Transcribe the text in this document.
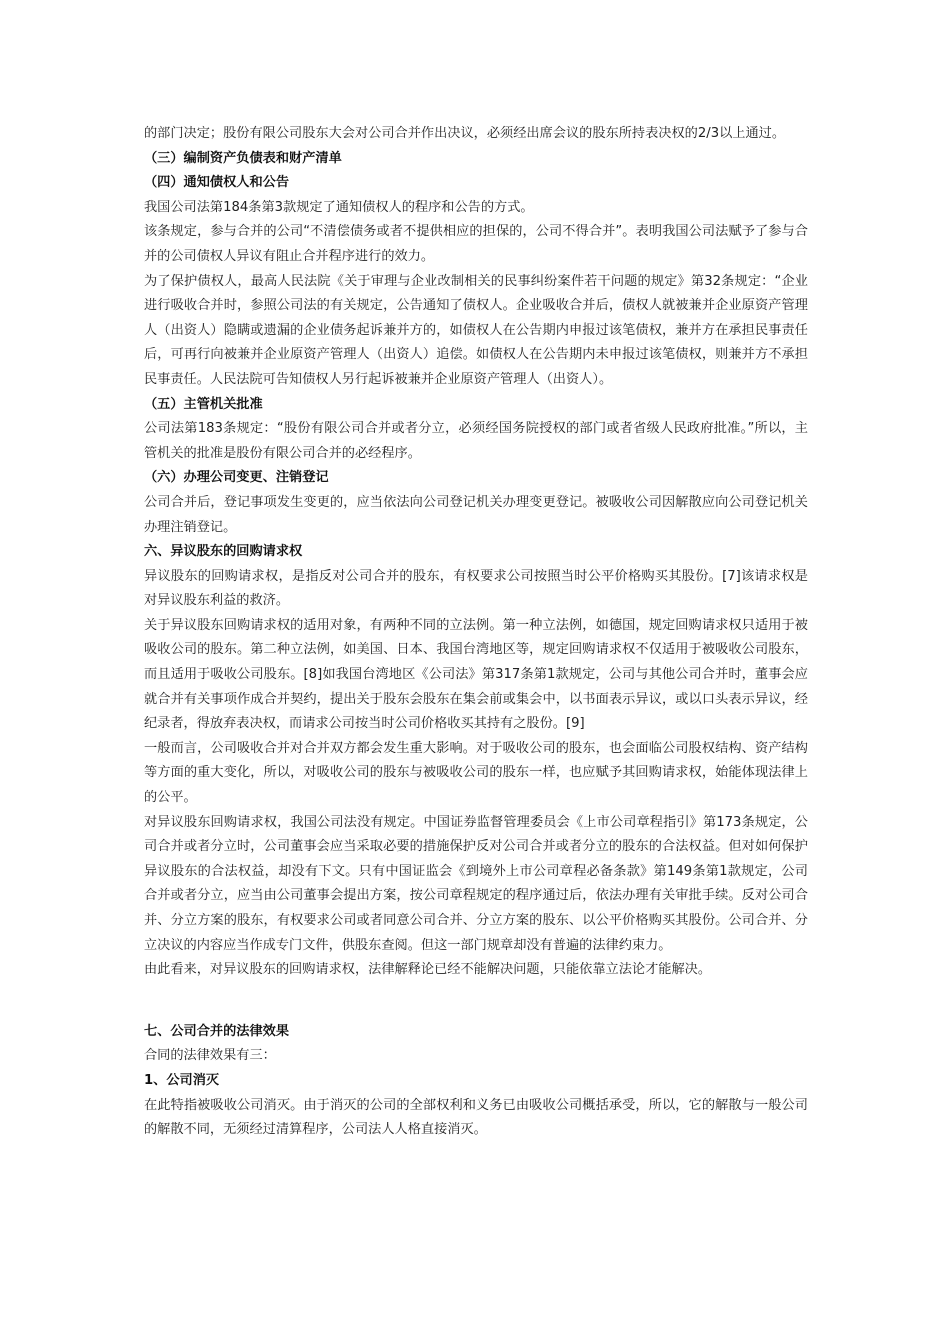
的部门决定；股份有限公司股东大会对公司合并作出决议，必须经出席会议的股东所持表决权的2/3以上通过。

（三）编制资产负债表和财产清单

（四）通知债权人和公告

我国公司法第184条第3款规定了通知债权人的程序和公告的方式。

该条规定，参与合并的公司“不清偿债务或者不提供相应的担保的，公司不得合并”。表明我国公司法赋予了参与合并的公司债权人异议有阻止合并程序进行的效力。

为了保护债权人，最高人民法院《关于审理与企业改制相关的民事纠纷案件若干问题的规定》第32条规定：“企业进行吸收合并时，参照公司法的有关规定，公告通知了债权人。企业吸收合并后，债权人就被兼并企业原资产管理人（出资人）隐瞒或遗漏的企业债务起诉兼并方的，如债权人在公告期内申报过该笔债权，兼并方在承担民事责任后，可再行向被兼并企业原资产管理人（出资人）追偿。如债权人在公告期内未申报过该笔债权，则兼并方不承担民事责任。人民法院可告知债权人另行起诉被兼并企业原资产管理人（出资人）。

（五）主管机关批准

公司法第183条规定：“股份有限公司合并或者分立，必须经国务院授权的部门或者省级人民政府批准。”所以，主管机关的批准是股份有限公司合并的必经程序。

（六）办理公司变更、注销登记

公司合并后，登记事项发生变更的，应当依法向公司登记机关办理变更登记。被吸收公司因解散应向公司登记机关办理注销登记。

六、异议股东的回购请求权

异议股东的回购请求权，是指反对公司合并的股东，有权要求公司按照当时公平价格购买其股份。[7]该请求权是对异议股东利益的救济。

关于异议股东回购请求权的适用对象，有两种不同的立法例。第一种立法例，如德国，规定回购请求权只适用于被吸收公司的股东。第二种立法例，如美国、日本、我国台湾地区等，规定回购请求权不仅适用于被吸收公司股东，而且适用于吸收公司股东。[8]如我国台湾地区《公司法》第317条第1款规定，公司与其他公司合并时，董事会应就合并有关事项作成合并契约，提出关于股东会股东在集会前或集会中，以书面表示异议，或以口头表示异议，经纪录者，得放弃表决权，而请求公司按当时公司价格收买其持有之股份。[9]

一般而言，公司吸收合并对合并双方都会发生重大影响。对于吸收公司的股东，也会面临公司股权结构、资产结构等方面的重大变化，所以，对吸收公司的股东与被吸收公司的股东一样，也应赋予其回购请求权，始能体现法律上的公平。

对异议股东回购请求权，我国公司法没有规定。中国证券监督管理委员会《上市公司章程指引》第173条规定，公司合并或者分立时，公司董事会应当采取必要的措施保护反对公司合并或者分立的股东的合法权益。但对如何保护异议股东的合法权益，却没有下文。只有中国证监会《到境外上市公司章程必备条款》第149条第1款规定，公司合并或者分立，应当由公司董事会提出方案，按公司章程规定的程序通过后，依法办理有关审批手续。反对公司合并、分立方案的股东，有权要求公司或者同意公司合并、分立方案的股东、以公平价格购买其股份。公司合并、分立决议的内容应当作成专门文件，供股东查阅。但这一部门规章却没有普遍的法律约束力。

由此看来，对异议股东的回购请求权，法律解释论已经不能解决问题，只能依靠立法论才能解决。

七、公司合并的法律效果

合同的法律效果有三：

1、公司消灭

在此特指被吸收公司消灭。由于消灭的公司的全部权利和义务已由吸收公司概括承受，所以，它的解散与一般公司的解散不同，无须经过清算程序，公司法人人格直接消灭。
